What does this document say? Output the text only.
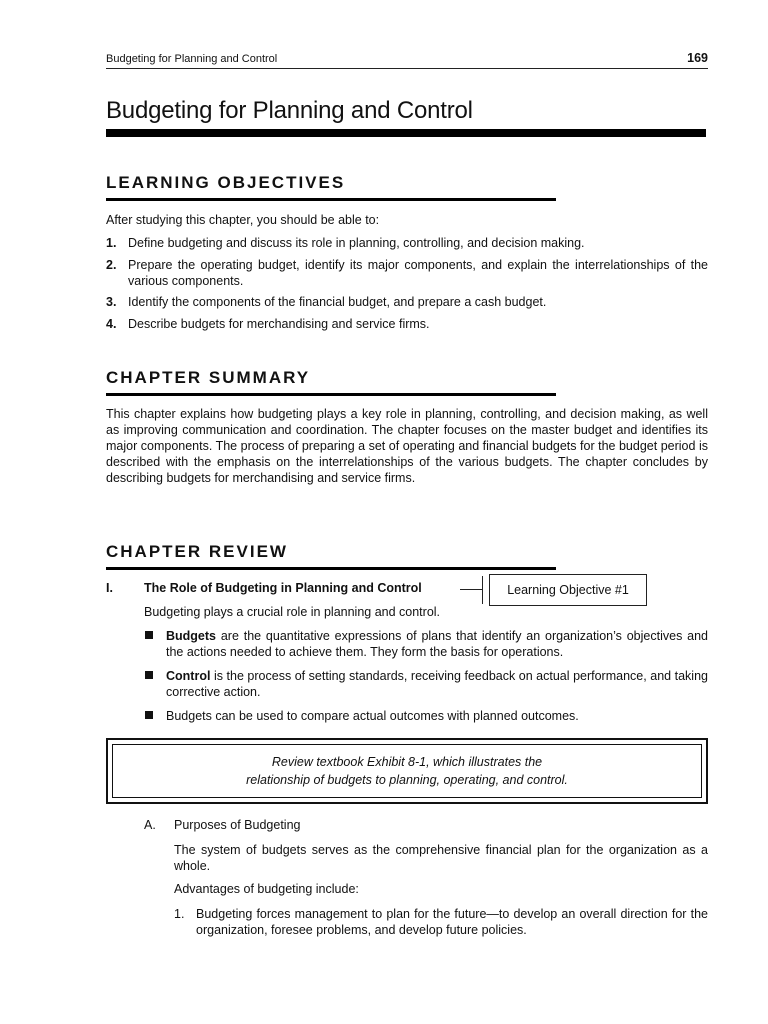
Budgeting for Planning and Control	169
Budgeting for Planning and Control
LEARNING OBJECTIVES
After studying this chapter, you should be able to:
1. Define budgeting and discuss its role in planning, controlling, and decision making.
2. Prepare the operating budget, identify its major components, and explain the interrelationships of the various components.
3. Identify the components of the financial budget, and prepare a cash budget.
4. Describe budgets for merchandising and service firms.
CHAPTER SUMMARY
This chapter explains how budgeting plays a key role in planning, controlling, and decision making, as well as improving communication and coordination. The chapter focuses on the master budget and identifies its major components. The process of preparing a set of operating and financial budgets for the budget period is described with the emphasis on the interrelationships of the various budgets. The chapter concludes by describing budgets for merchandising and service firms.
CHAPTER REVIEW
I.	The Role of Budgeting in Planning and Control	Learning Objective #1
Budgeting plays a crucial role in planning and control.
Budgets are the quantitative expressions of plans that identify an organization’s objectives and the actions needed to achieve them. They form the basis for operations.
Control is the process of setting standards, receiving feedback on actual performance, and taking corrective action.
Budgets can be used to compare actual outcomes with planned outcomes.
Review textbook Exhibit 8-1, which illustrates the
relationship of budgets to planning, operating, and control.
A.	Purposes of Budgeting
The system of budgets serves as the comprehensive financial plan for the organization as a whole.
Advantages of budgeting include:
1. Budgeting forces management to plan for the future—to develop an overall direction for the organization, foresee problems, and develop future policies.
